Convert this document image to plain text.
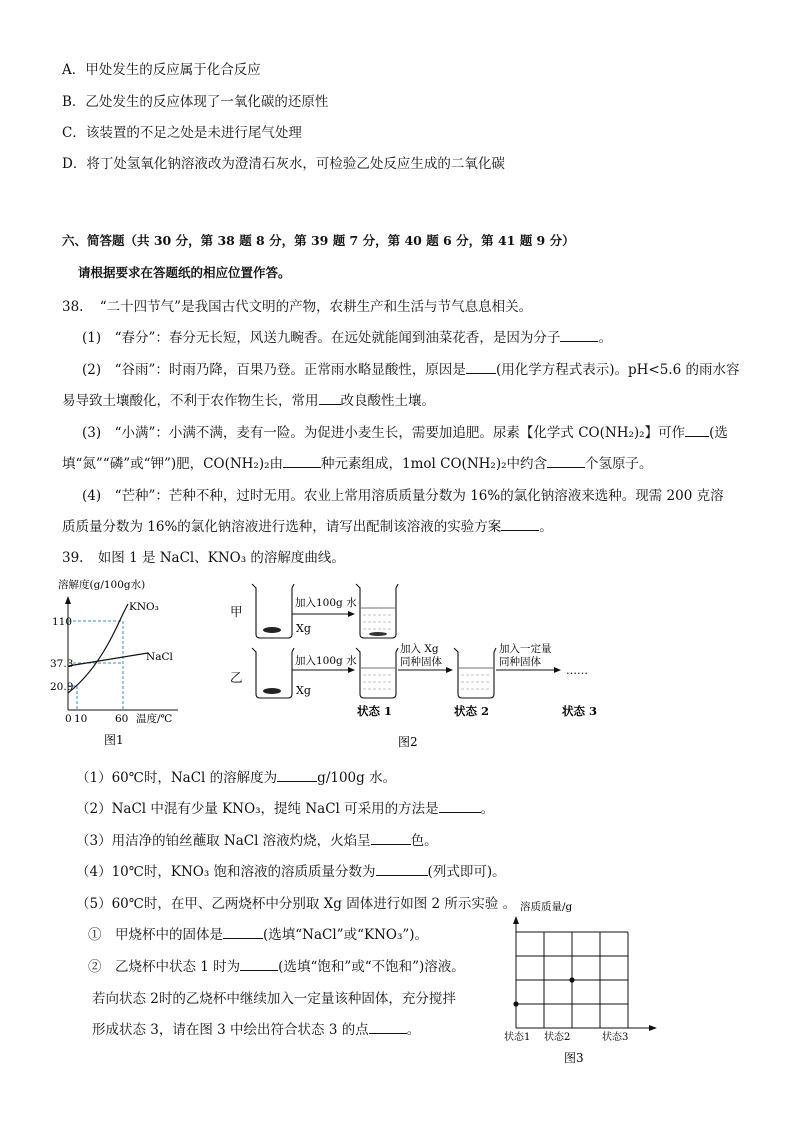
A．甲处发生的反应属于化合反应
B．乙处发生的反应体现了一氧化碳的还原性
C．该装置的不足之处是未进行尾气处理
D．将丁处氢氧化钠溶液改为澄清石灰水，可检验乙处反应生成的二氧化碳
六、简答题（共 30 分，第 38 题 8 分，第 39 题 7 分，第 40 题 6 分，第 41 题 9 分）
请根据要求在答题纸的相应位置作答。
38. “二十四节气”是我国古代文明的产物，农耕生产和生活与节气息息相关。
(1)　“春分”：春分无长短，风送九畹香。在远处就能闻到油菜花香，是因为分子	。
(2)　“谷雨”：时雨乃降，百果乃登。正常雨水略显酸性，原因是 (用化学方程式表示)。pH<5.6 的雨水容
易导致土壤酸化，不利于农作物生长，常用 改良酸性土壤。
(3)　“小满”：小满不满，麦有一险。为促进小麦生长，需要加追肥。尿素【化学式 CO(NH₂)₂】可作 (选
填“氮”“磷”或“钾”)肥，CO(NH₂)₂由	种元素组成，1mol CO(NH₂)₂中约含	个氢原子。
(4)　“芒种”：芒种不种，过时无用。农业上常用溶质质量分数为 16%的氯化钠溶液来选种。现需 200 克溶
质质量分数为 16%的氯化钠溶液进行选种，请写出配制该溶液的实验方案	。
39. 如图 1 是 NaCl、KNO₃ 的溶解度曲线。
溶解度(g/100g水)
110
37.3
20.9
0 10	60 温度/℃
KNO₃
NaCl
图1
甲
Xg
加入100g 水
乙
Xg
加入100g 水
加入 Xg
同种固体
加入一定量
同种固体
……
状态 1	状态 2	状态 3
图2
（1）60℃时，NaCl 的溶解度为	g/100g 水。
（2）NaCl 中混有少量 KNO₃，提纯 NaCl 可采用的方法是	。
（3）用洁净的铂丝蘸取 NaCl 溶液灼烧，火焰呈	色。
（4）10℃时，KNO₃ 饱和溶液的溶质质量分数为	(列式即可)。
（5）60℃时，在甲、乙两烧杯中分别取 Xg 固体进行如图 2 所示实验 。
①　甲烧杯中的固体是	(选填“NaCl”或“KNO₃”)。
②　乙烧杯中状态 1 时为	(选填“饱和”或“不饱和”)溶液。
若向状态 2时的乙烧杯中继续加入一定量该种固体，充分搅拌
形成状态 3，请在图 3 中绘出符合状态 3 的点	。
溶质质量/g
状态1 状态2	状态3
图3
